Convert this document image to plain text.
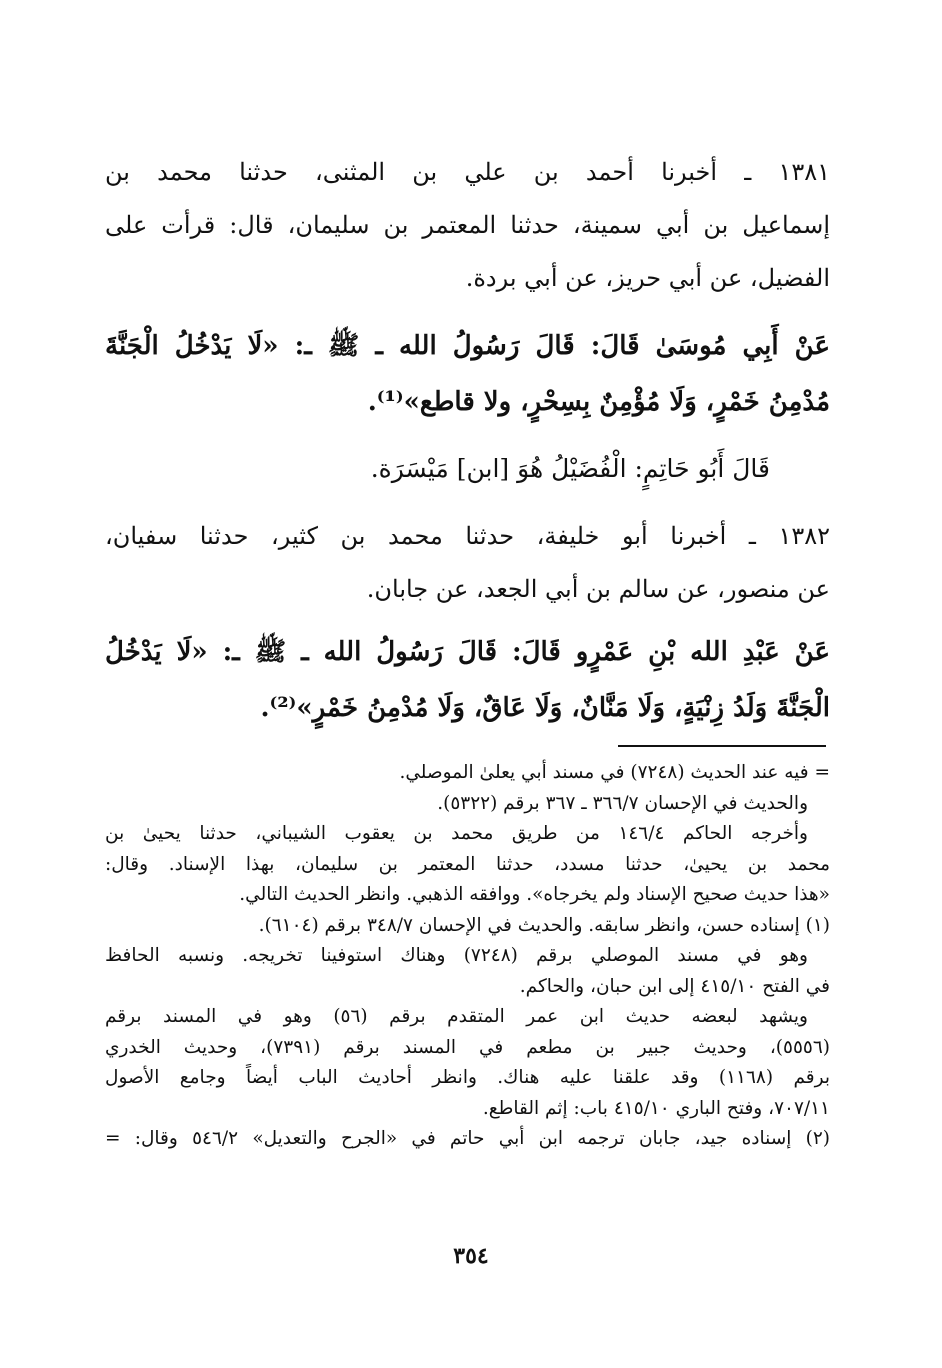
١٣٨١ ـ أخبرنا أحمد بن علي بن المثنى، حدثنا محمد بن
إسماعيل بن أبي سمينة، حدثنا المعتمر بن سليمان، قال: قرأت على
الفضيل، عن أبي حريز، عن أبي بردة.
عَنْ أَبِي مُوسَىٰ قَالَ: قَالَ رَسُولُ الله ـ ﷺ ـ: «لَا يَدْخُلُ الْجَنَّةَ
مُدْمِنُ خَمْرٍ، وَلَا مُؤْمِنٌ بِسِحْرٍ، ولا قاطع»⁽¹⁾.
قَالَ أَبُو حَاتِمٍ: الْفُضَيْلُ هُوَ [ابن] مَيْسَرَة.
١٣٨٢ ـ أخبرنا أبو خليفة، حدثنا محمد بن كثير، حدثنا سفيان،
عن منصور، عن سالم بن أبي الجعد، عن جابان.
عَنْ عَبْدِ الله بْنِ عَمْرٍو قَالَ: قَالَ رَسُولُ الله ـ ﷺ ـ: «لَا يَدْخُلُ
الْجَنَّةَ وَلَدُ زِنْيَةٍ، وَلَا مَنَّانٌ، وَلَا عَاقٌ، وَلَا مُدْمِنُ خَمْرٍ»⁽²⁾.
= فيه عند الحديث (٧٢٤٨) في مسند أبي يعلىٰ الموصلي.
والحديث في الإحسان ٣٦٦/٧ ـ ٣٦٧ برقم (٥٣٢٢).
وأخرجه الحاكم ١٤٦/٤ من طريق محمد بن يعقوب الشيباني، حدثنا يحيىٰ بن
محمد بن يحيىٰ، حدثنا مسدد، حدثنا المعتمر بن سليمان، بهذا الإسناد. وقال:
«هذا حديث صحيح الإسناد ولم يخرجاه». ووافقه الذهبي. وانظر الحديث التالي.
(١) إسناده حسن، وانظر سابقه. والحديث في الإحسان ٣٤٨/٧ برقم (٦١٠٤).
وهو في مسند الموصلي برقم (٧٢٤٨) وهناك استوفينا تخريجه. ونسبه الحافظ
في الفتح ٤١٥/١٠ إلى ابن حبان، والحاكم.
ويشهد لبعضه حديث ابن عمر المتقدم برقم (٥٦) وهو في المسند برقم
(٥٥٥٦)، وحديث جبير بن مطعم في المسند برقم (٧٣٩١)، وحديث الخدري
برقم (١١٦٨) وقد علقنا عليه هناك. وانظر أحاديث الباب أيضاً وجامع الأصول
٧٠٧/١١، وفتح الباري ٤١٥/١٠ باب: إثم القاطع.
(٢) إسناده جيد، جابان ترجمه ابن أبي حاتم في «الجرح والتعديل» ٥٤٦/٢ وقال: =
٣٥٤
